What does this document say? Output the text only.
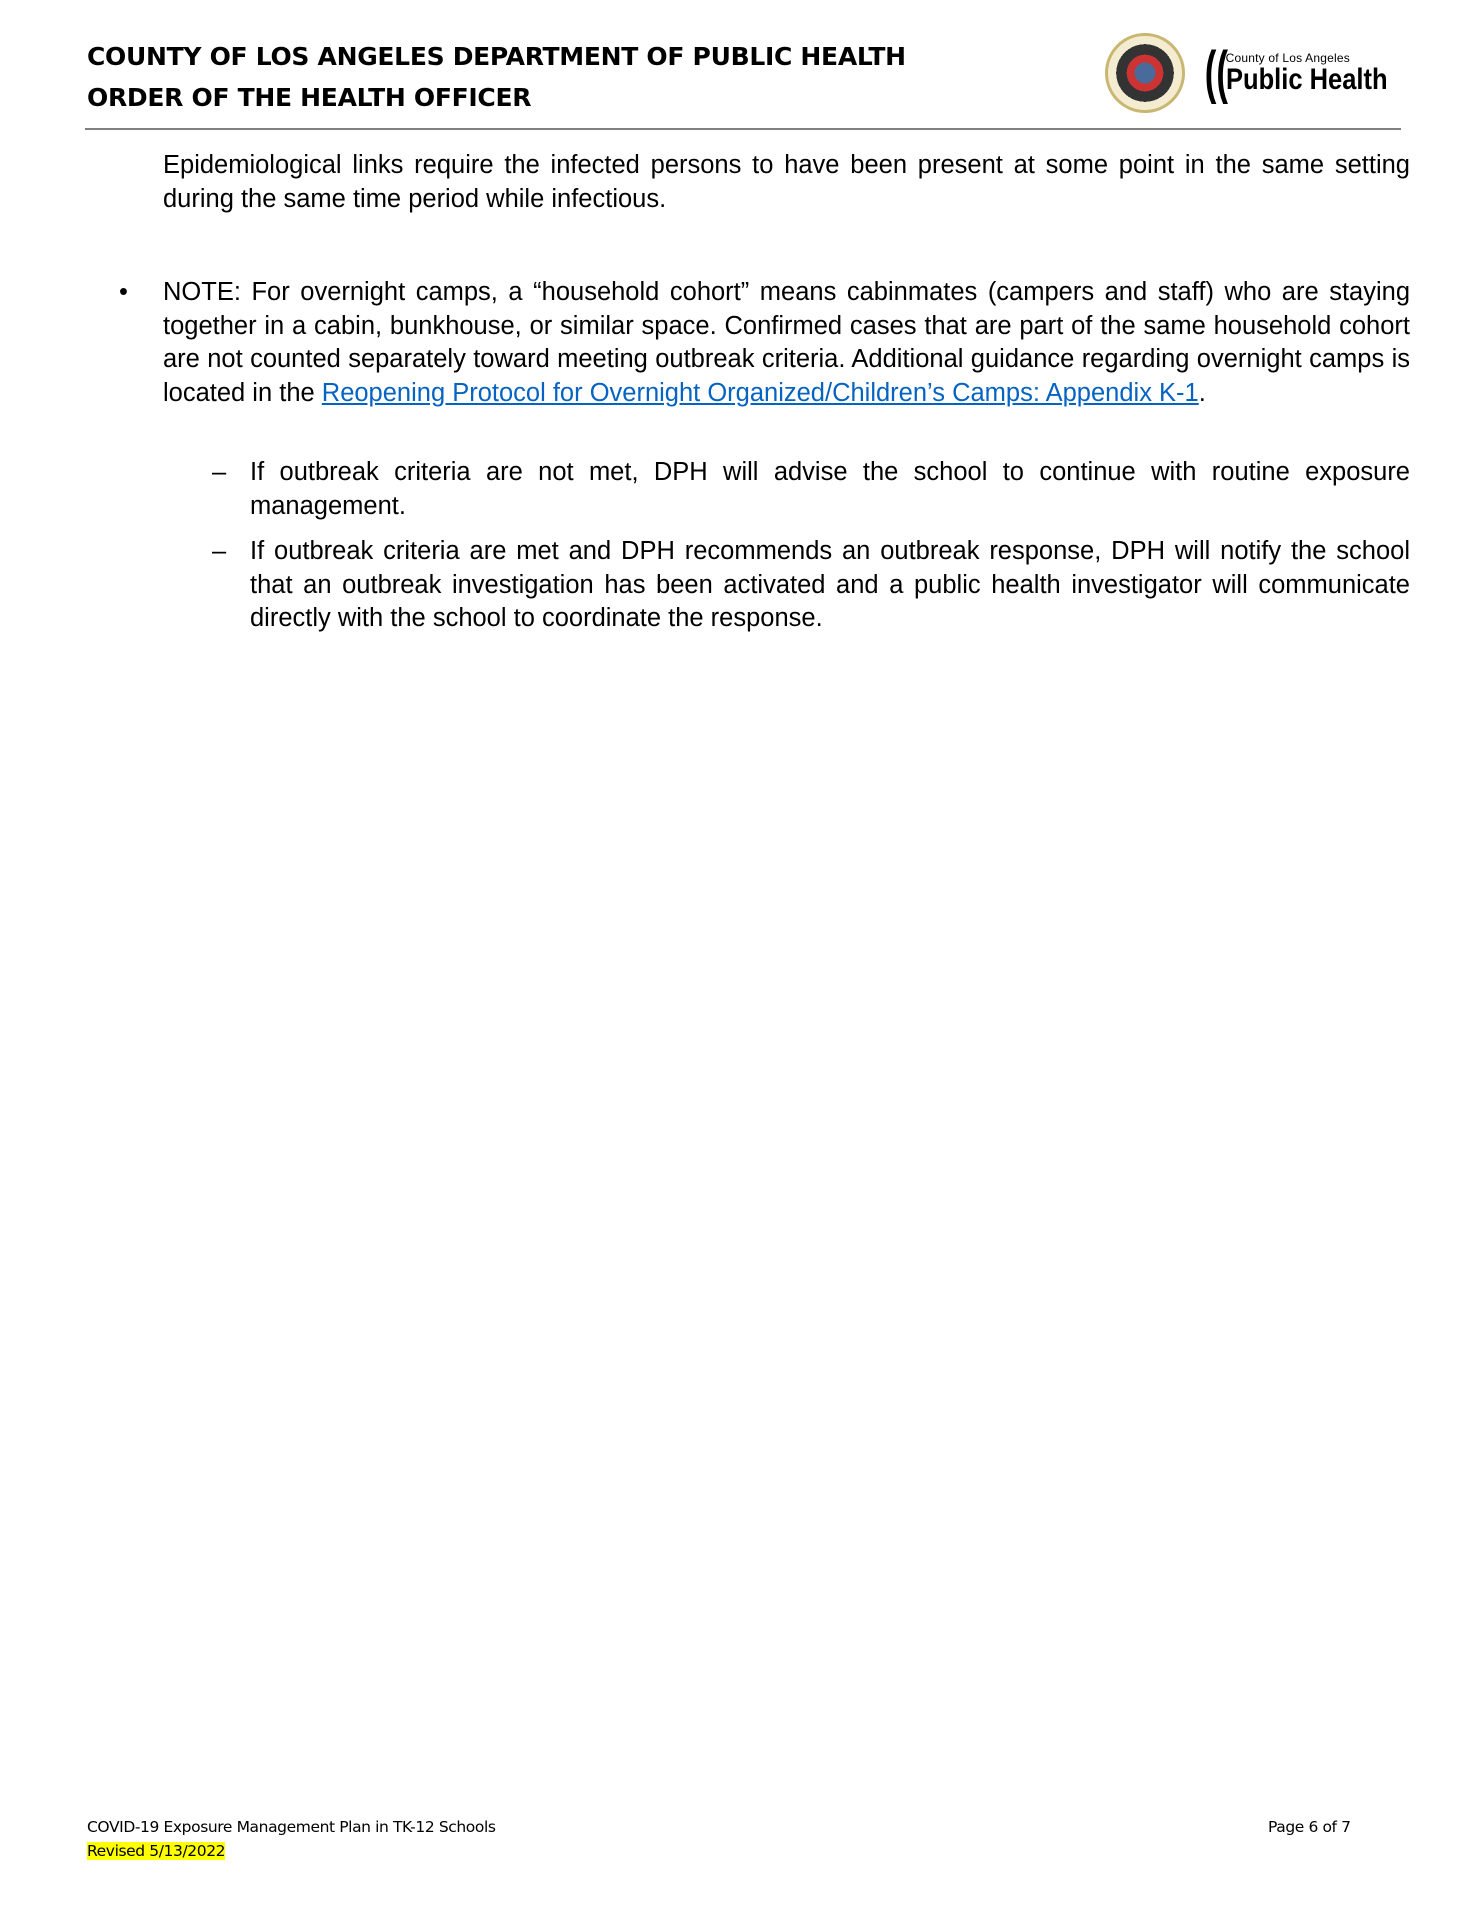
COUNTY OF LOS ANGELES DEPARTMENT OF PUBLIC HEALTH
ORDER OF THE HEALTH OFFICER	((
County of Los Angeles
Public Health
Epidemiological links require the infected persons to have been present at some point in the same setting during the same time period while infectious.
• NOTE: For overnight camps, a “household cohort” means cabinmates (campers and staff) who are staying together in a cabin, bunkhouse, or similar space. Confirmed cases that are part of the same household cohort are not counted separately toward meeting outbreak criteria. Additional guidance regarding overnight camps is located in the Reopening Protocol for Overnight Organized/Children’s Camps: Appendix K-1.
– If outbreak criteria are not met, DPH will advise the school to continue with routine exposure management.
– If outbreak criteria are met and DPH recommends an outbreak response, DPH will notify the school that an outbreak investigation has been activated and a public health investigator will communicate directly with the school to coordinate the response.
COVID-19 Exposure Management Plan in TK-12 Schools
Revised 5/13/2022
Page 6 of 7
